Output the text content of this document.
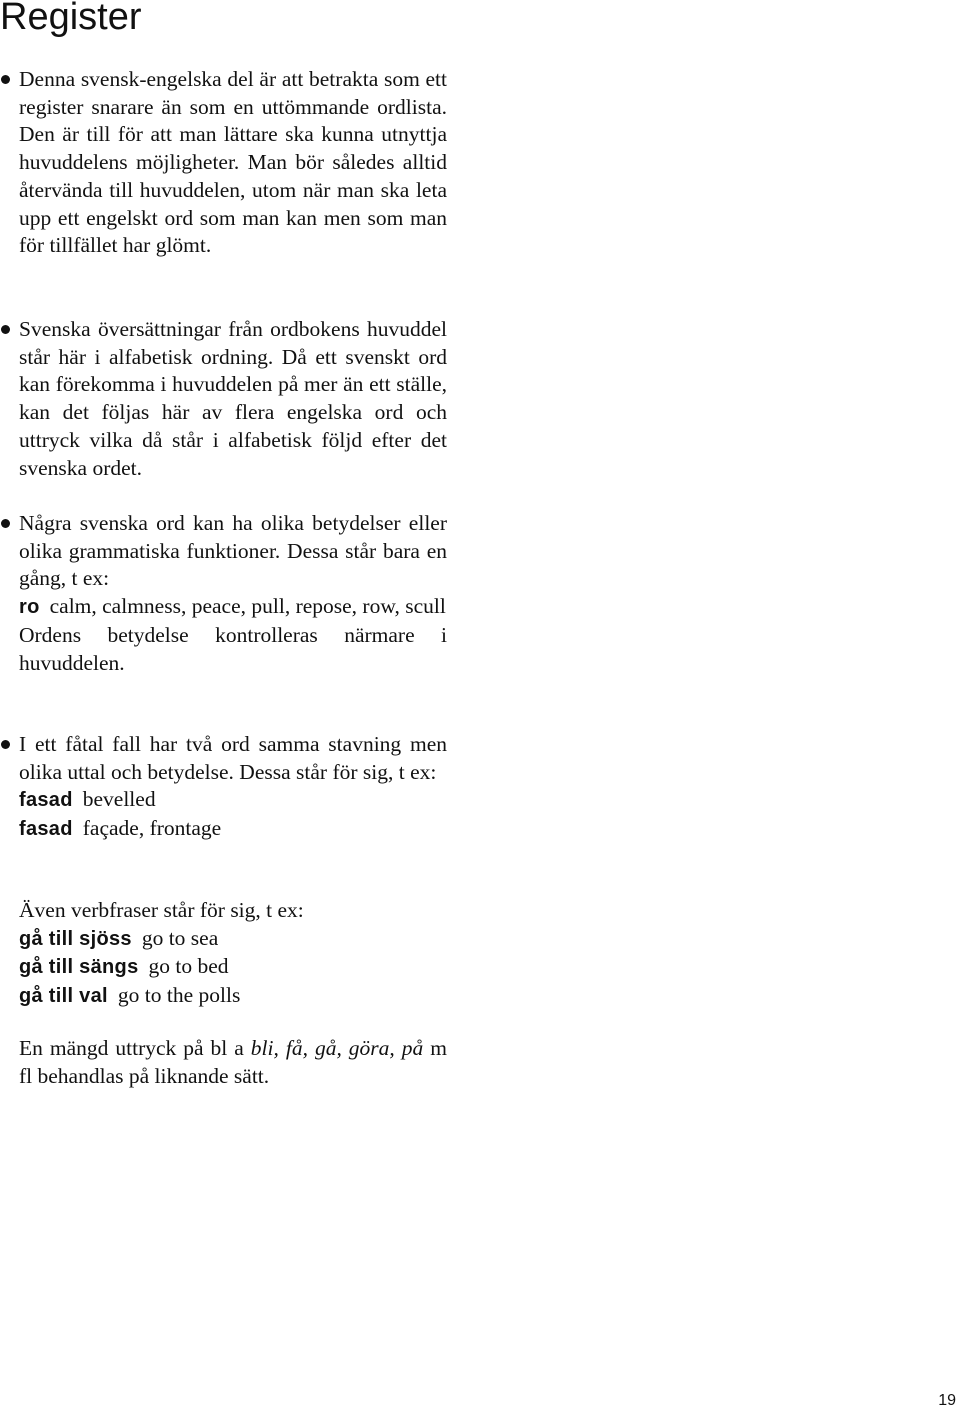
Register

Denna svensk-engelska del är att betrakta som ett register snarare än som en uttömmande ordlista. Den är till för att man lättare ska kunna utnyttja huvuddelens möjligheter. Man bör således alltid återvända till huvuddelen, utom när man ska leta upp ett engelskt ord som man kan men som man för tillfället har glömt.

Svenska översättningar från ordbokens huvuddel står här i alfabetisk ordning. Då ett svenskt ord kan förekomma i huvuddelen på mer än ett ställe, kan det följas här av flera engelska ord och uttryck vilka då står i alfabetisk följd efter det svenska ordet.

Några svenska ord kan ha olika betydelser eller olika grammatiska funktioner. Dessa står bara en gång, t ex:

ro calm, calmness, peace, pull, repose, row, scull

Ordens betydelse kontrolleras närmare i huvuddelen.

I ett fåtal fall har två ord samma stavning men olika uttal och betydelse. Dessa står för sig, t ex:

fasad bevelled

fasad façade, frontage

Även verbfraser står för sig, t ex:

gå till sjöss go to sea

gå till sängs go to bed

gå till val go to the polls

En mängd uttryck på bl a bli, få, gå, göra, på m fl behandlas på liknande sätt.

19
